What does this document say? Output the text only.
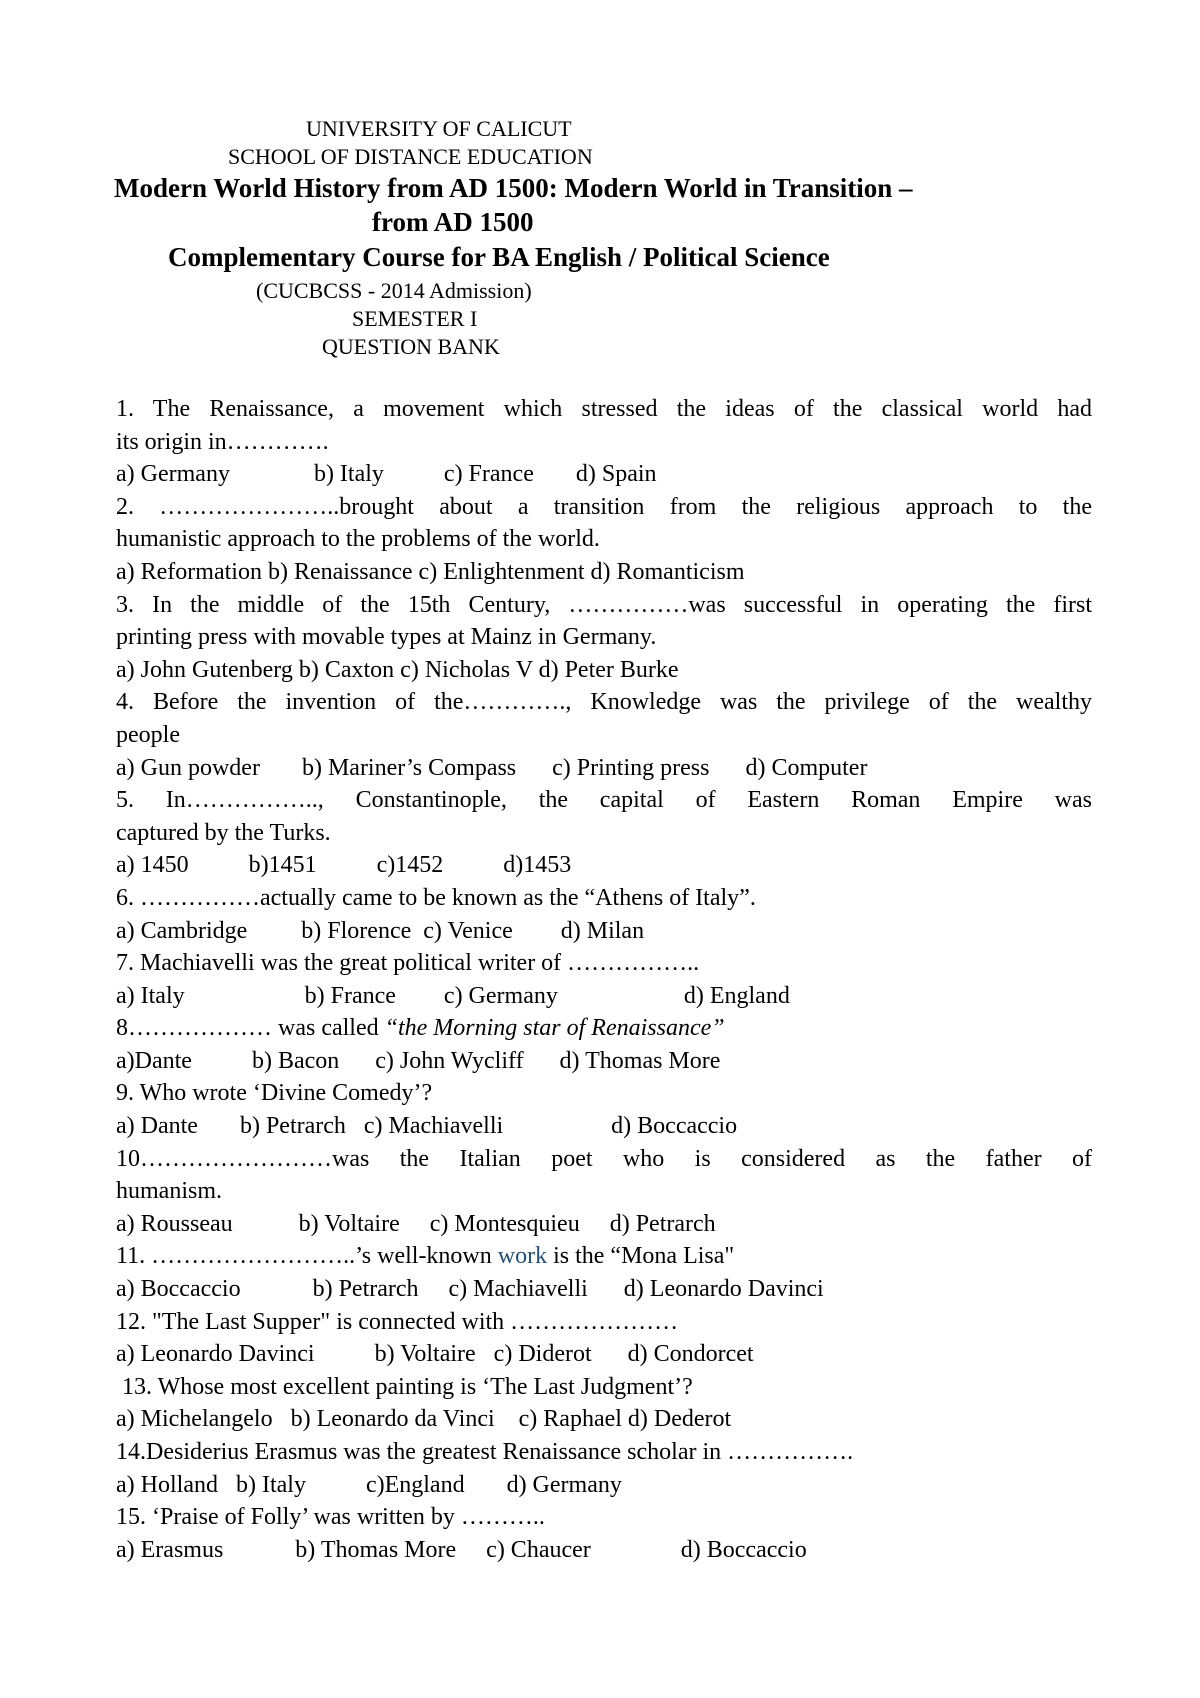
UNIVERSITY OF CALICUT
SCHOOL OF DISTANCE EDUCATION
Modern World History from AD 1500: Modern World in Transition –
from AD 1500
Complementary Course for BA English / Political Science
(CUCBCSS - 2014 Admission)
SEMESTER I
QUESTION BANK
1. The Renaissance, a movement which stressed the ideas of the classical world had
its origin in………….
a) Germany              b) Italy          c) France       d) Spain
2. …………………..brought about a transition from the religious approach to the
humanistic approach to the problems of the world.
a) Reformation b) Renaissance c) Enlightenment d) Romanticism
3. In the middle of the 15th Century, ……………was successful in operating the first
printing press with movable types at Mainz in Germany.
a) John Gutenberg b) Caxton c) Nicholas V d) Peter Burke
4. Before the invention of the…………., Knowledge was the privilege of the wealthy
people
a) Gun powder       b) Mariner’s Compass      c) Printing press      d) Computer
5. In…………….., Constantinople, the capital of Eastern Roman Empire was
captured by the Turks.
a) 1450          b)1451          c)1452          d)1453
6. ……………actually came to be known as the “Athens of Italy”.
a) Cambridge         b) Florence  c) Venice        d) Milan
7. Machiavelli was the great political writer of ……………..
a) Italy                    b) France        c) Germany                     d) England
8……………… was called “the Morning star of Renaissance”
a)Dante          b) Bacon      c) John Wycliff      d) Thomas More
9. Who wrote ‘Divine Comedy’?
a) Dante       b) Petrarch   c) Machiavelli                  d) Boccaccio
10……………………was the Italian poet who is considered as the father of
humanism.
a) Rousseau           b) Voltaire     c) Montesquieu     d) Petrarch
11. ……………………..’s well-known work is the “Mona Lisa"
a) Boccaccio            b) Petrarch     c) Machiavelli      d) Leonardo Davinci
12. "The Last Supper" is connected with …………………
a) Leonardo Davinci          b) Voltaire   c) Diderot      d) Condorcet
13. Whose most excellent painting is ‘The Last Judgment’?
a) Michelangelo   b) Leonardo da Vinci    c) Raphael d) Dederot
14.Desiderius Erasmus was the greatest Renaissance scholar in …………….
a) Holland   b) Italy          c)England       d) Germany
15. ‘Praise of Folly’ was written by ………..
a) Erasmus            b) Thomas More     c) Chaucer               d) Boccaccio
